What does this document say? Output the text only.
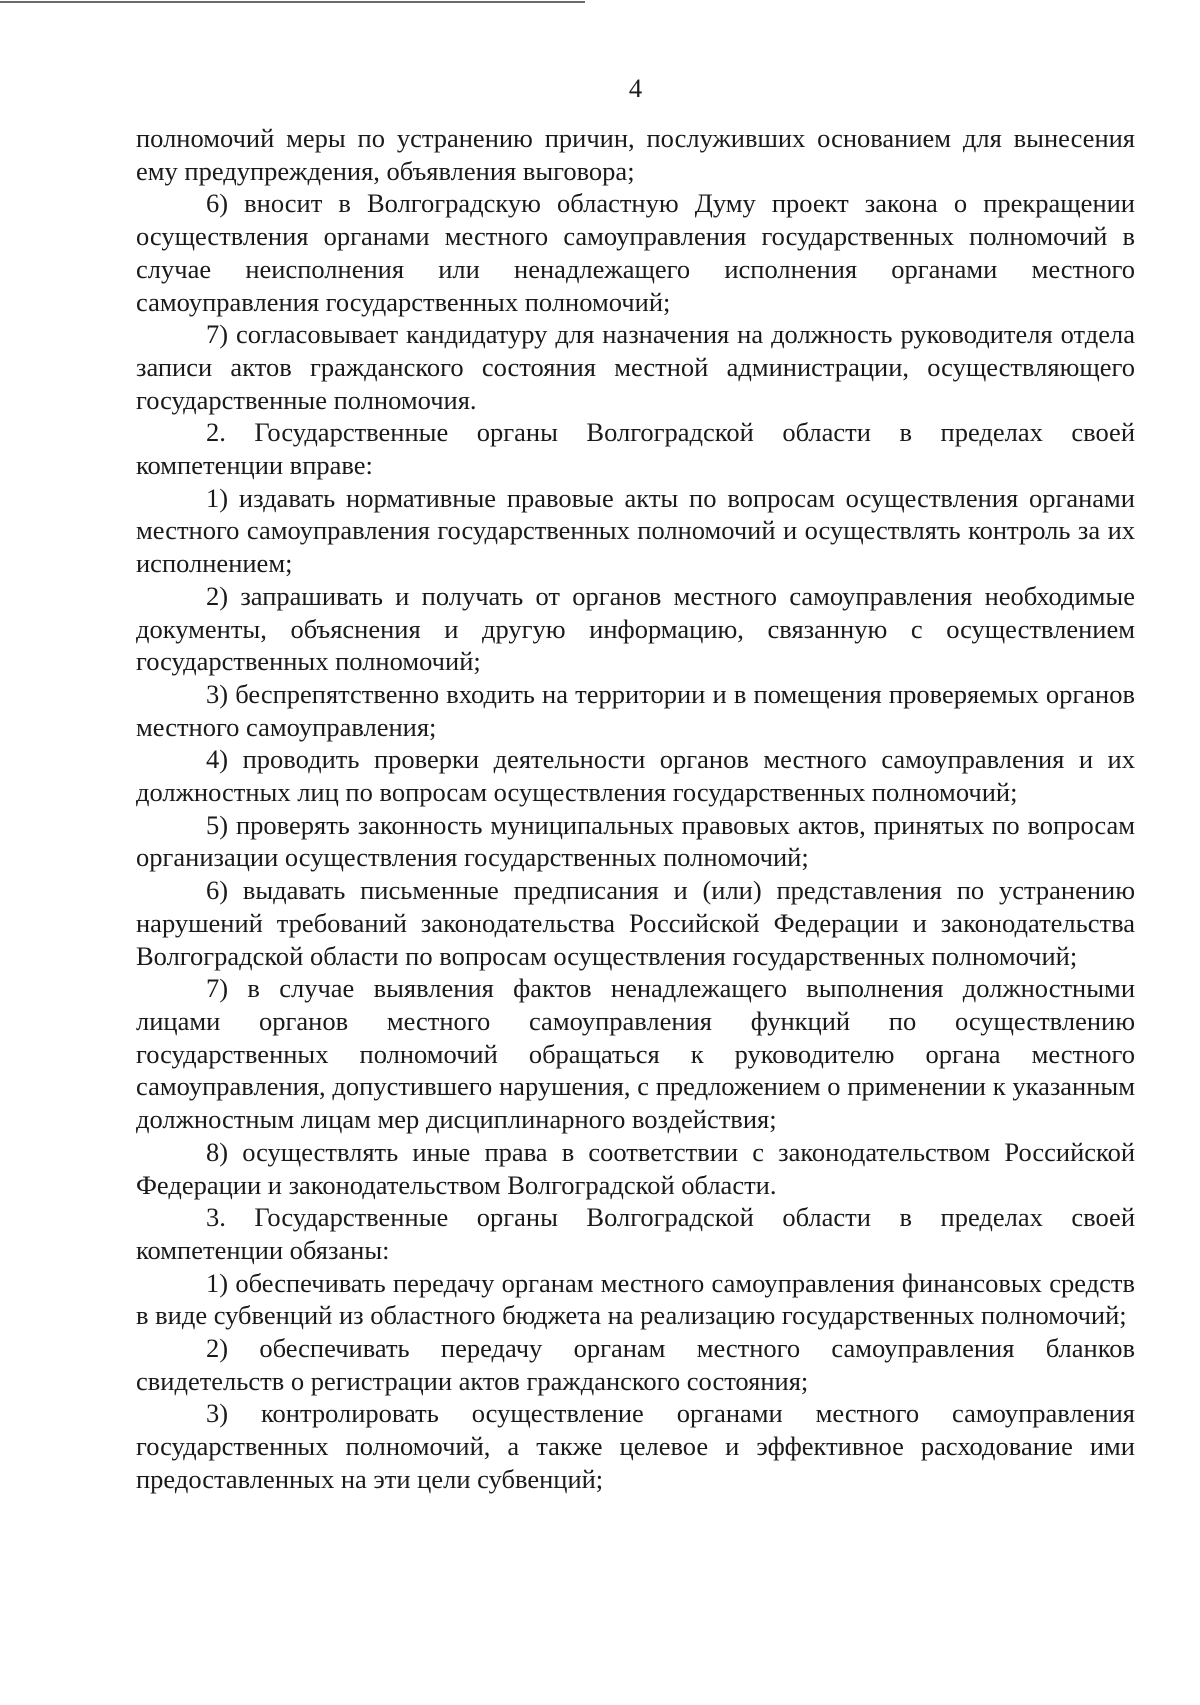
4

полномочий меры по устранению причин, послуживших основанием для вынесения ему предупреждения, объявления выговора;

6) вносит в Волгоградскую областную Думу проект закона о прекращении осуществления органами местного самоуправления государственных полномочий в случае неисполнения или ненадлежащего исполнения органами местного самоуправления государственных полномочий;

7) согласовывает кандидатуру для назначения на должность руководителя отдела записи актов гражданского состояния местной администрации, осуществляющего государственные полномочия.

2. Государственные органы Волгоградской области в пределах своей компетенции вправе:

1) издавать нормативные правовые акты по вопросам осуществления органами местного самоуправления государственных полномочий и осуществлять контроль за их исполнением;

2) запрашивать и получать от органов местного самоуправления необходимые документы, объяснения и другую информацию, связанную с осуществлением государственных полномочий;

3) беспрепятственно входить на территории и в помещения проверяемых органов местного самоуправления;

4) проводить проверки деятельности органов местного самоуправления и их должностных лиц по вопросам осуществления государственных полномочий;

5) проверять законность муниципальных правовых актов, принятых по вопросам организации осуществления государственных полномочий;

6) выдавать письменные предписания и (или) представления по устранению нарушений требований законодательства Российской Федерации и законодательства Волгоградской области по вопросам осуществления государственных полномочий;

7) в случае выявления фактов ненадлежащего выполнения должностными лицами органов местного самоуправления функций по осуществлению государственных полномочий обращаться к руководителю органа местного самоуправления, допустившего нарушения, с предложением о применении к указанным должностным лицам мер дисциплинарного воздействия;

8) осуществлять иные права в соответствии с законодательством Российской Федерации и законодательством Волгоградской области.

3. Государственные органы Волгоградской области в пределах своей компетенции обязаны:

1) обеспечивать передачу органам местного самоуправления финансовых средств в виде субвенций из областного бюджета на реализацию государственных полномочий;

2) обеспечивать передачу органам местного самоуправления бланков свидетельств о регистрации актов гражданского состояния;

3) контролировать осуществление органами местного самоуправления государственных полномочий, а также целевое и эффективное расходование ими предоставленных на эти цели субвенций;
